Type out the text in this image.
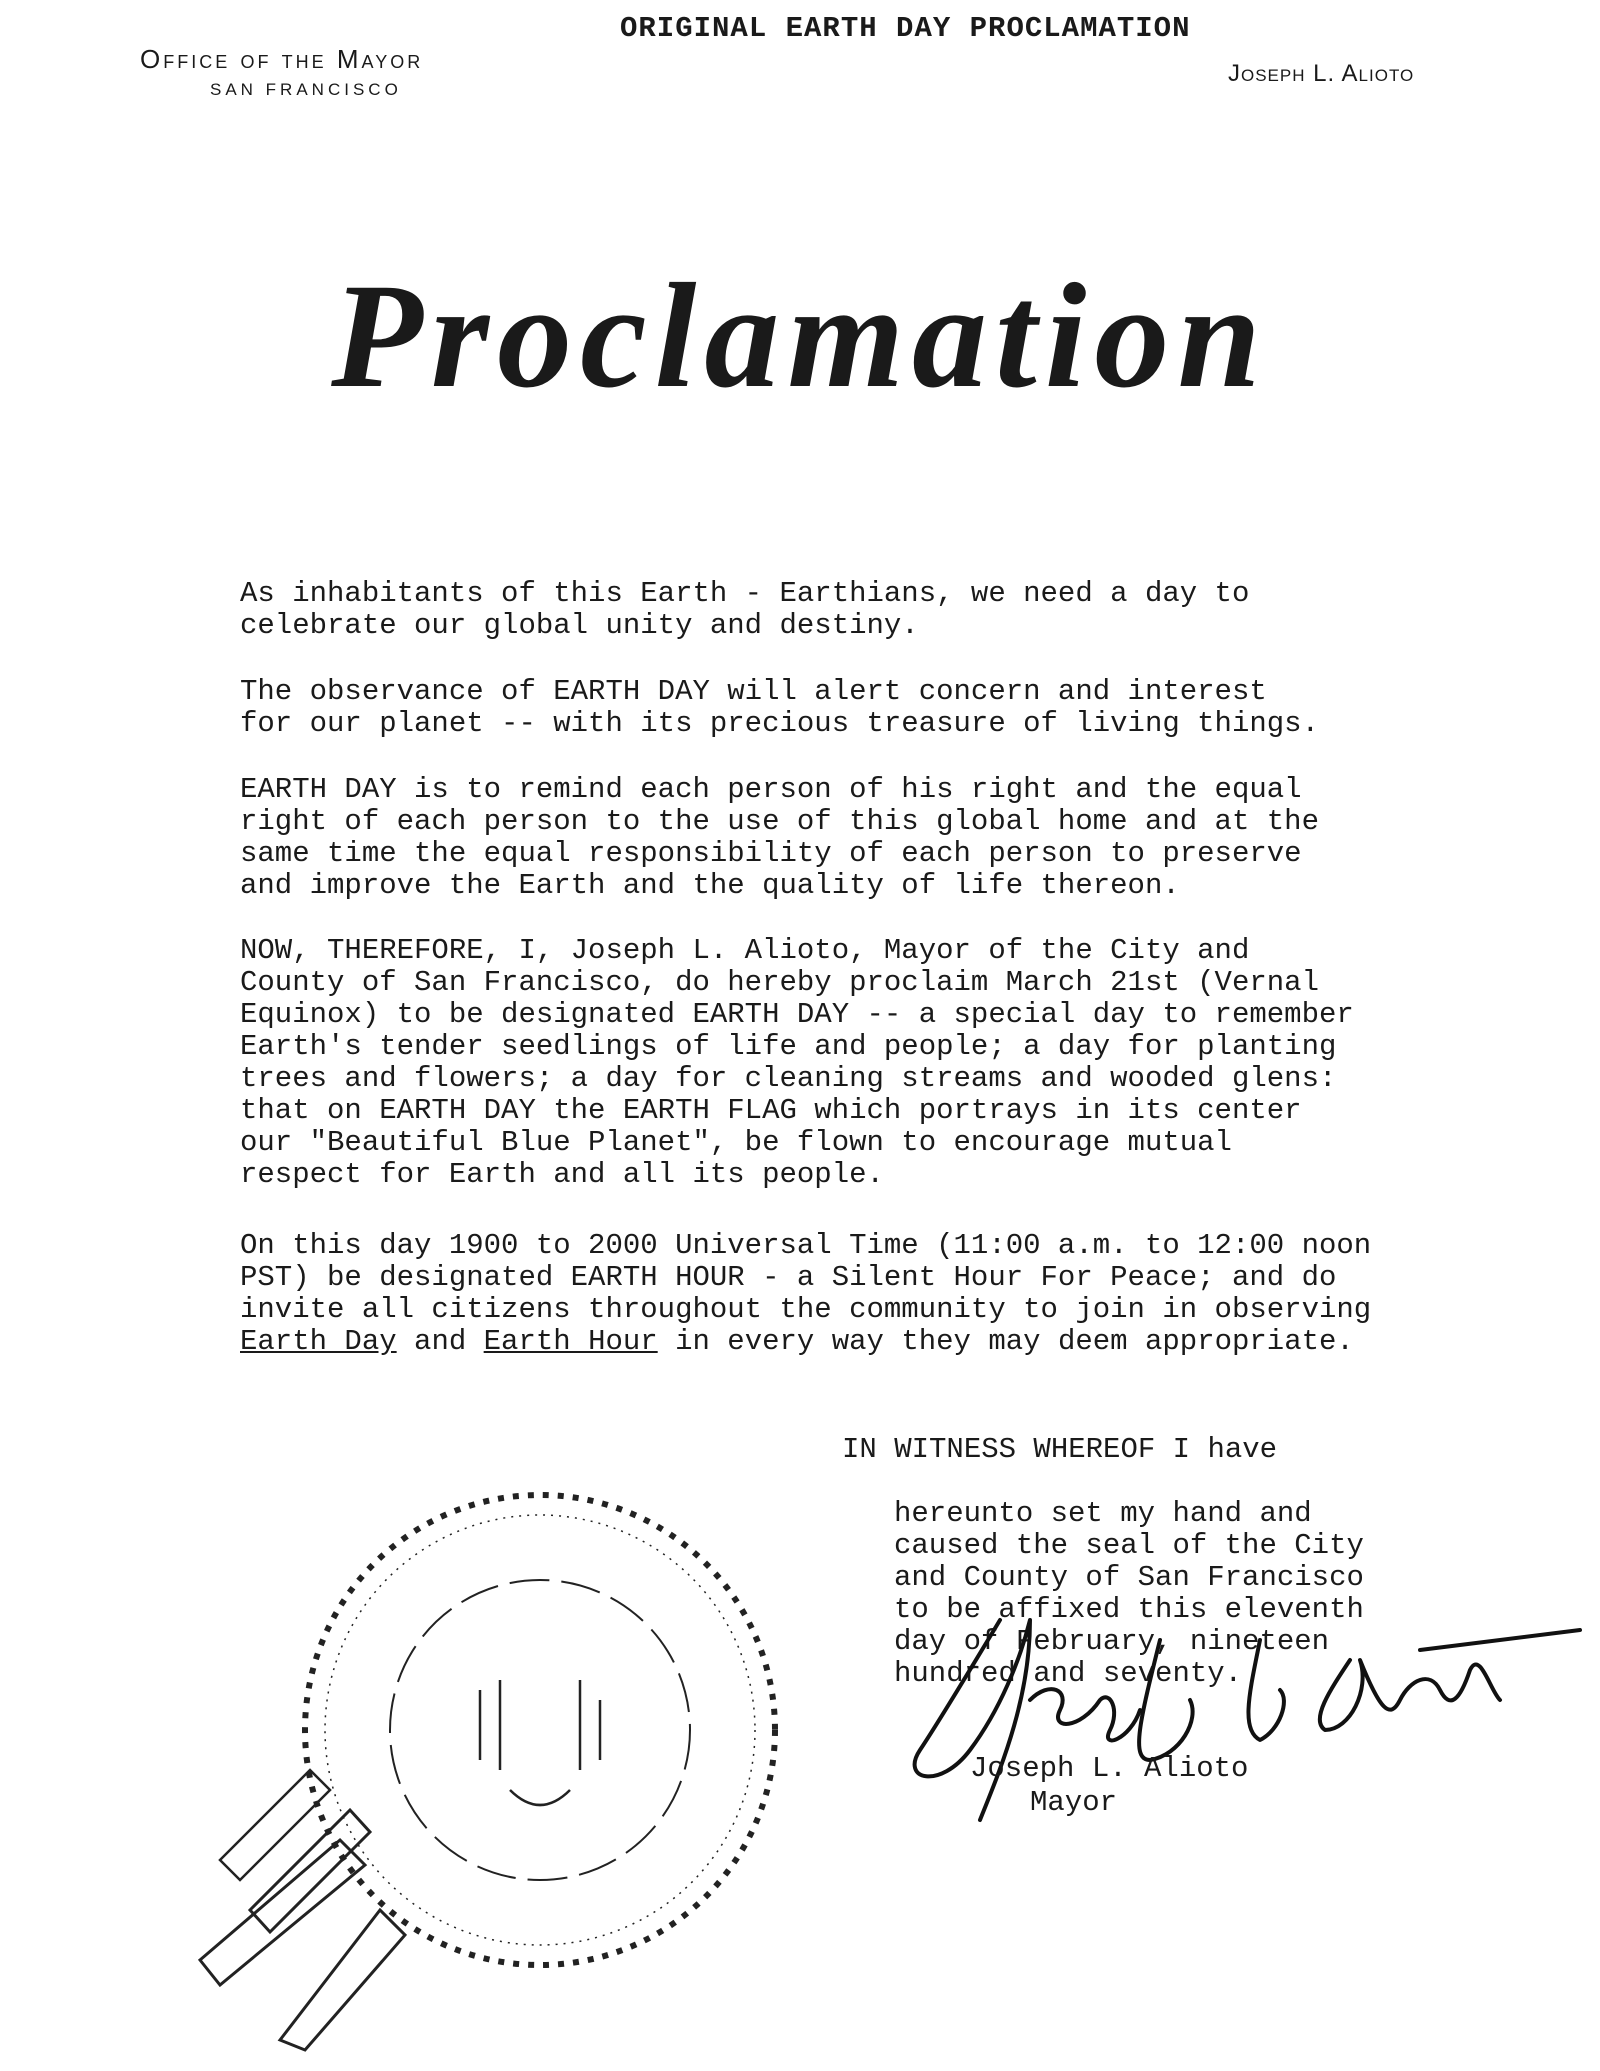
ORIGINAL EARTH DAY PROCLAMATION
Office of the Mayor
SAN FRANCISCO
Joseph L. Alioto
Proclamation
As inhabitants of this Earth - Earthians, we need a day to
celebrate our global unity and destiny.
The observance of EARTH DAY will alert concern and interest
for our planet -- with its precious treasure of living things.
EARTH DAY is to remind each person of his right and the equal
right of each person to the use of this global home and at the
same time the equal responsibility of each person to preserve
and improve the Earth and the quality of life thereon.
NOW, THEREFORE, I, Joseph L. Alioto, Mayor of the City and
County of San Francisco, do hereby proclaim March 21st (Vernal
Equinox) to be designated EARTH DAY -- a special day to remember
Earth's tender seedlings of life and people; a day for planting
trees and flowers; a day for cleaning streams and wooded glens:
that on EARTH DAY the EARTH FLAG which portrays in its center
our "Beautiful Blue Planet", be flown to encourage mutual
respect for Earth and all its people.
On this day 1900 to 2000 Universal Time (11:00 a.m. to 12:00 noon
PST) be designated EARTH HOUR - a Silent Hour For Peace; and do
invite all citizens throughout the community to join in observing
Earth Day and Earth Hour in every way they may deem appropriate.

IN WITNESS WHEREOF I have

hereunto set my hand and
caused the seal of the City
and County of San Francisco
to be affixed this eleventh
day of February, nineteen
hundred and seventy.

Joseph L. Alioto
Mayor
